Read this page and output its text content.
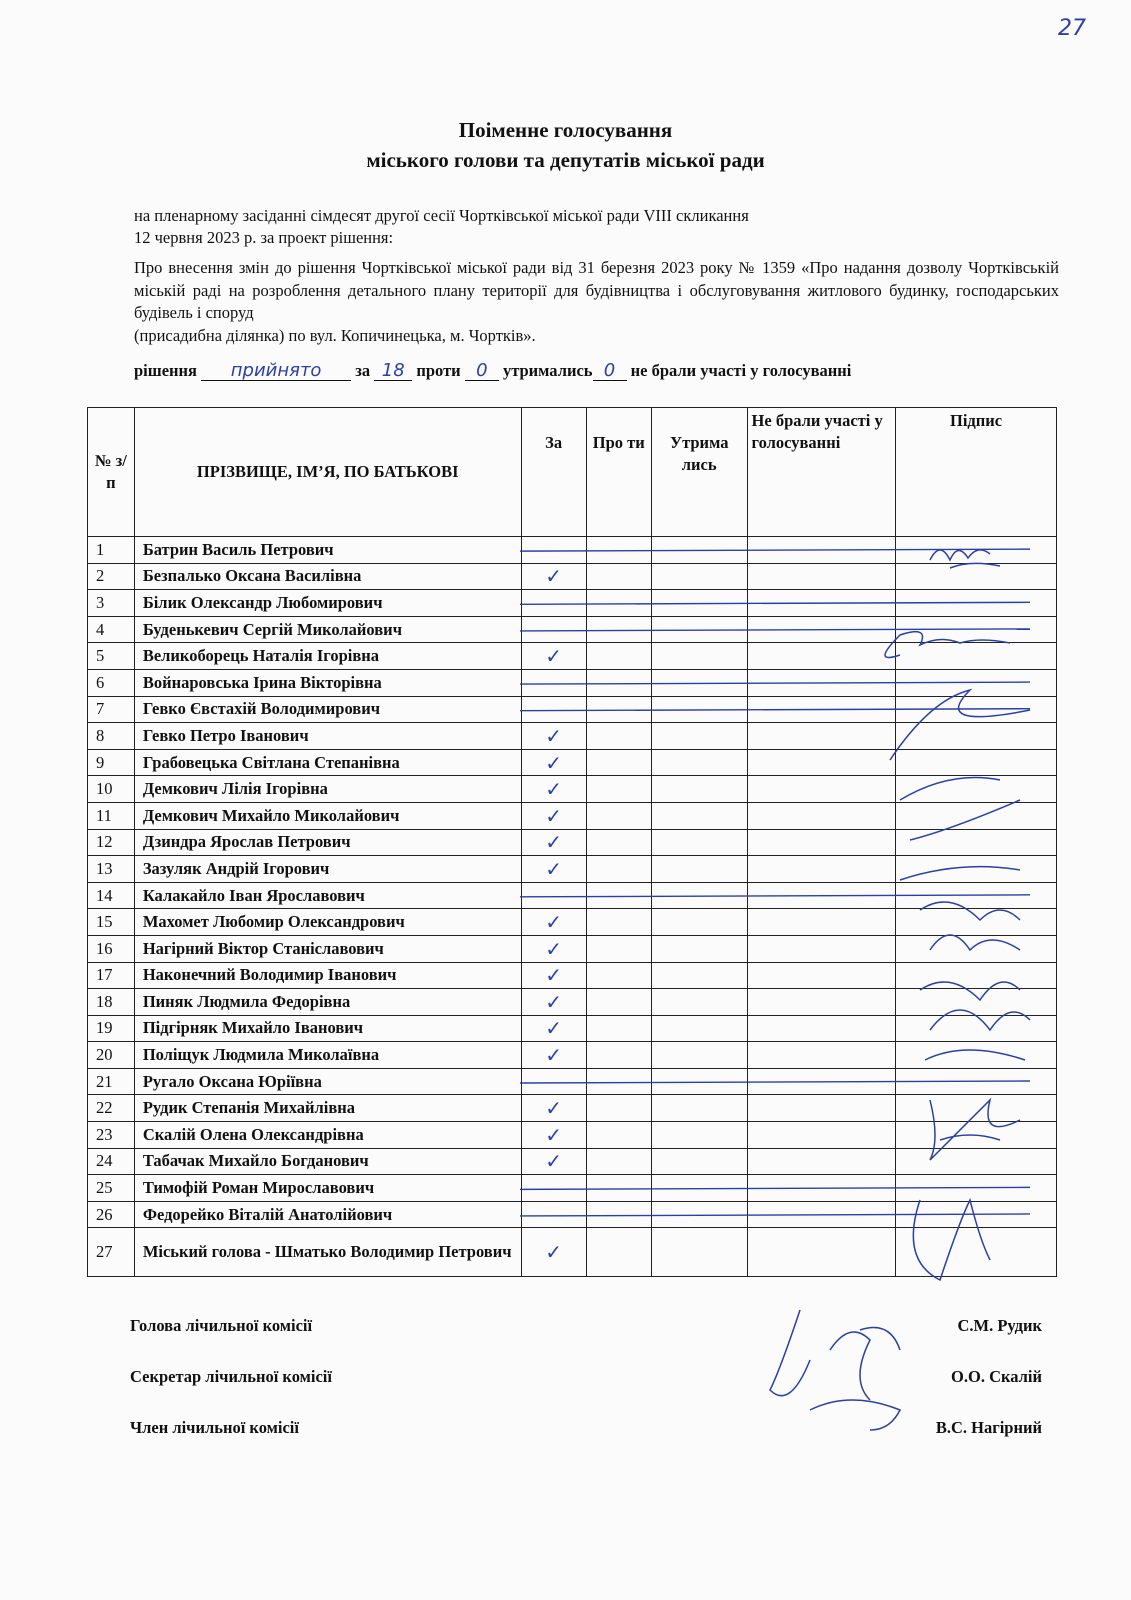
27
Поіменне голосування
міського голови та депутатів міської ради
на пленарному засіданні сімдесят другої сесії Чортківської міської ради VIII скликання
12 червня 2023 р. за проект рішення:
Про внесення змін до рішення Чортківської міської ради від 31 березня 2023 року № 1359 «Про надання дозволу Чортківській міській раді на розроблення детального плану території для будівництва і обслуговування житлового будинку, господарських будівель і споруд
(присадибна ділянка) по вул. Копичинецька, м. Чортків».
рішення прийнято за 18 проти 0 утримались 0 не брали участі у голосуванні
№ з/п	ПРІЗВИЩЕ, ІМ’Я, ПО БАТЬКОВІ	За	Про ти	Утрима лись	Не брали участі у голосуванні	Підпис
1	Батрин Василь Петрович					
2	Безпалько Оксана Василівна	✓				
3	Білик Олександр Любомирович					
4	Буденькевич Сергій Миколайович					
5	Великоборець Наталія Ігорівна	✓				
6	Войнаровська Ірина Вікторівна					
7	Гевко Євстахій Володимирович					
8	Гевко Петро Іванович	✓				
9	Грабовецька Світлана Степанівна	✓				
10	Демкович Лілія Ігорівна	✓				
11	Демкович Михайло Миколайович	✓				
12	Дзиндра Ярослав Петрович	✓				
13	Зазуляк Андрій Ігорович	✓				
14	Калакайло Іван Ярославович					
15	Махомет Любомир Олександрович	✓				
16	Нагірний Віктор Станіславович	✓				
17	Наконечний Володимир Іванович	✓				
18	Пиняк Людмила Федорівна	✓				
19	Підгірняк Михайло Іванович	✓				
20	Поліщук Людмила Миколаївна	✓				
21	Ругало Оксана Юріївна					
22	Рудик Степанія Михайлівна	✓				
23	Скалій Олена Олександрівна	✓				
24	Табачак Михайло Богданович	✓				
25	Тимофій Роман Мирославович					
26	Федорейко Віталій Анатолійович					
27	Міський голова - Шматько Володимир Петрович	✓				
Голова лічильної комісії	С.М. Рудик
Секретар лічильної комісії	О.О. Скалій
Член лічильної комісії	В.С. Нагірний
